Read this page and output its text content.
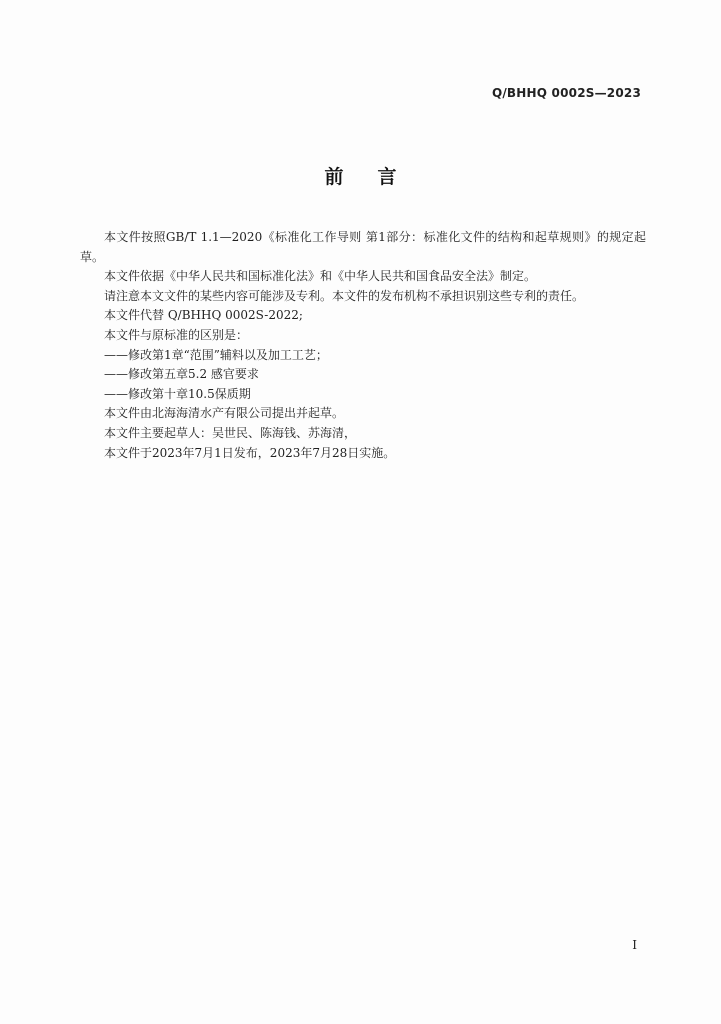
Q/BHHQ 0002S—2023
前言

本文件按照GB/T 1.1—2020《标准化工作导则 第1部分：标准化文件的结构和起草规则》的规定起草。

本文件依据《中华人民共和国标准化法》和《中华人民共和国食品安全法》制定。

请注意本文文件的某些内容可能涉及专利。本文件的发布机构不承担识别这些专利的责任。

本文件代替 Q/BHHQ 0002S-2022;

本文件与原标准的区别是：

——修改第1章“范围”辅料以及加工工艺；

——修改第五章5.2 感官要求

——修改第十章10.5保质期

本文件由北海海清水产有限公司提出并起草。

本文件主要起草人：吴世民、陈海钱、苏海清，

本文件于2023年7月1日发布，2023年7月28日实施。

I
